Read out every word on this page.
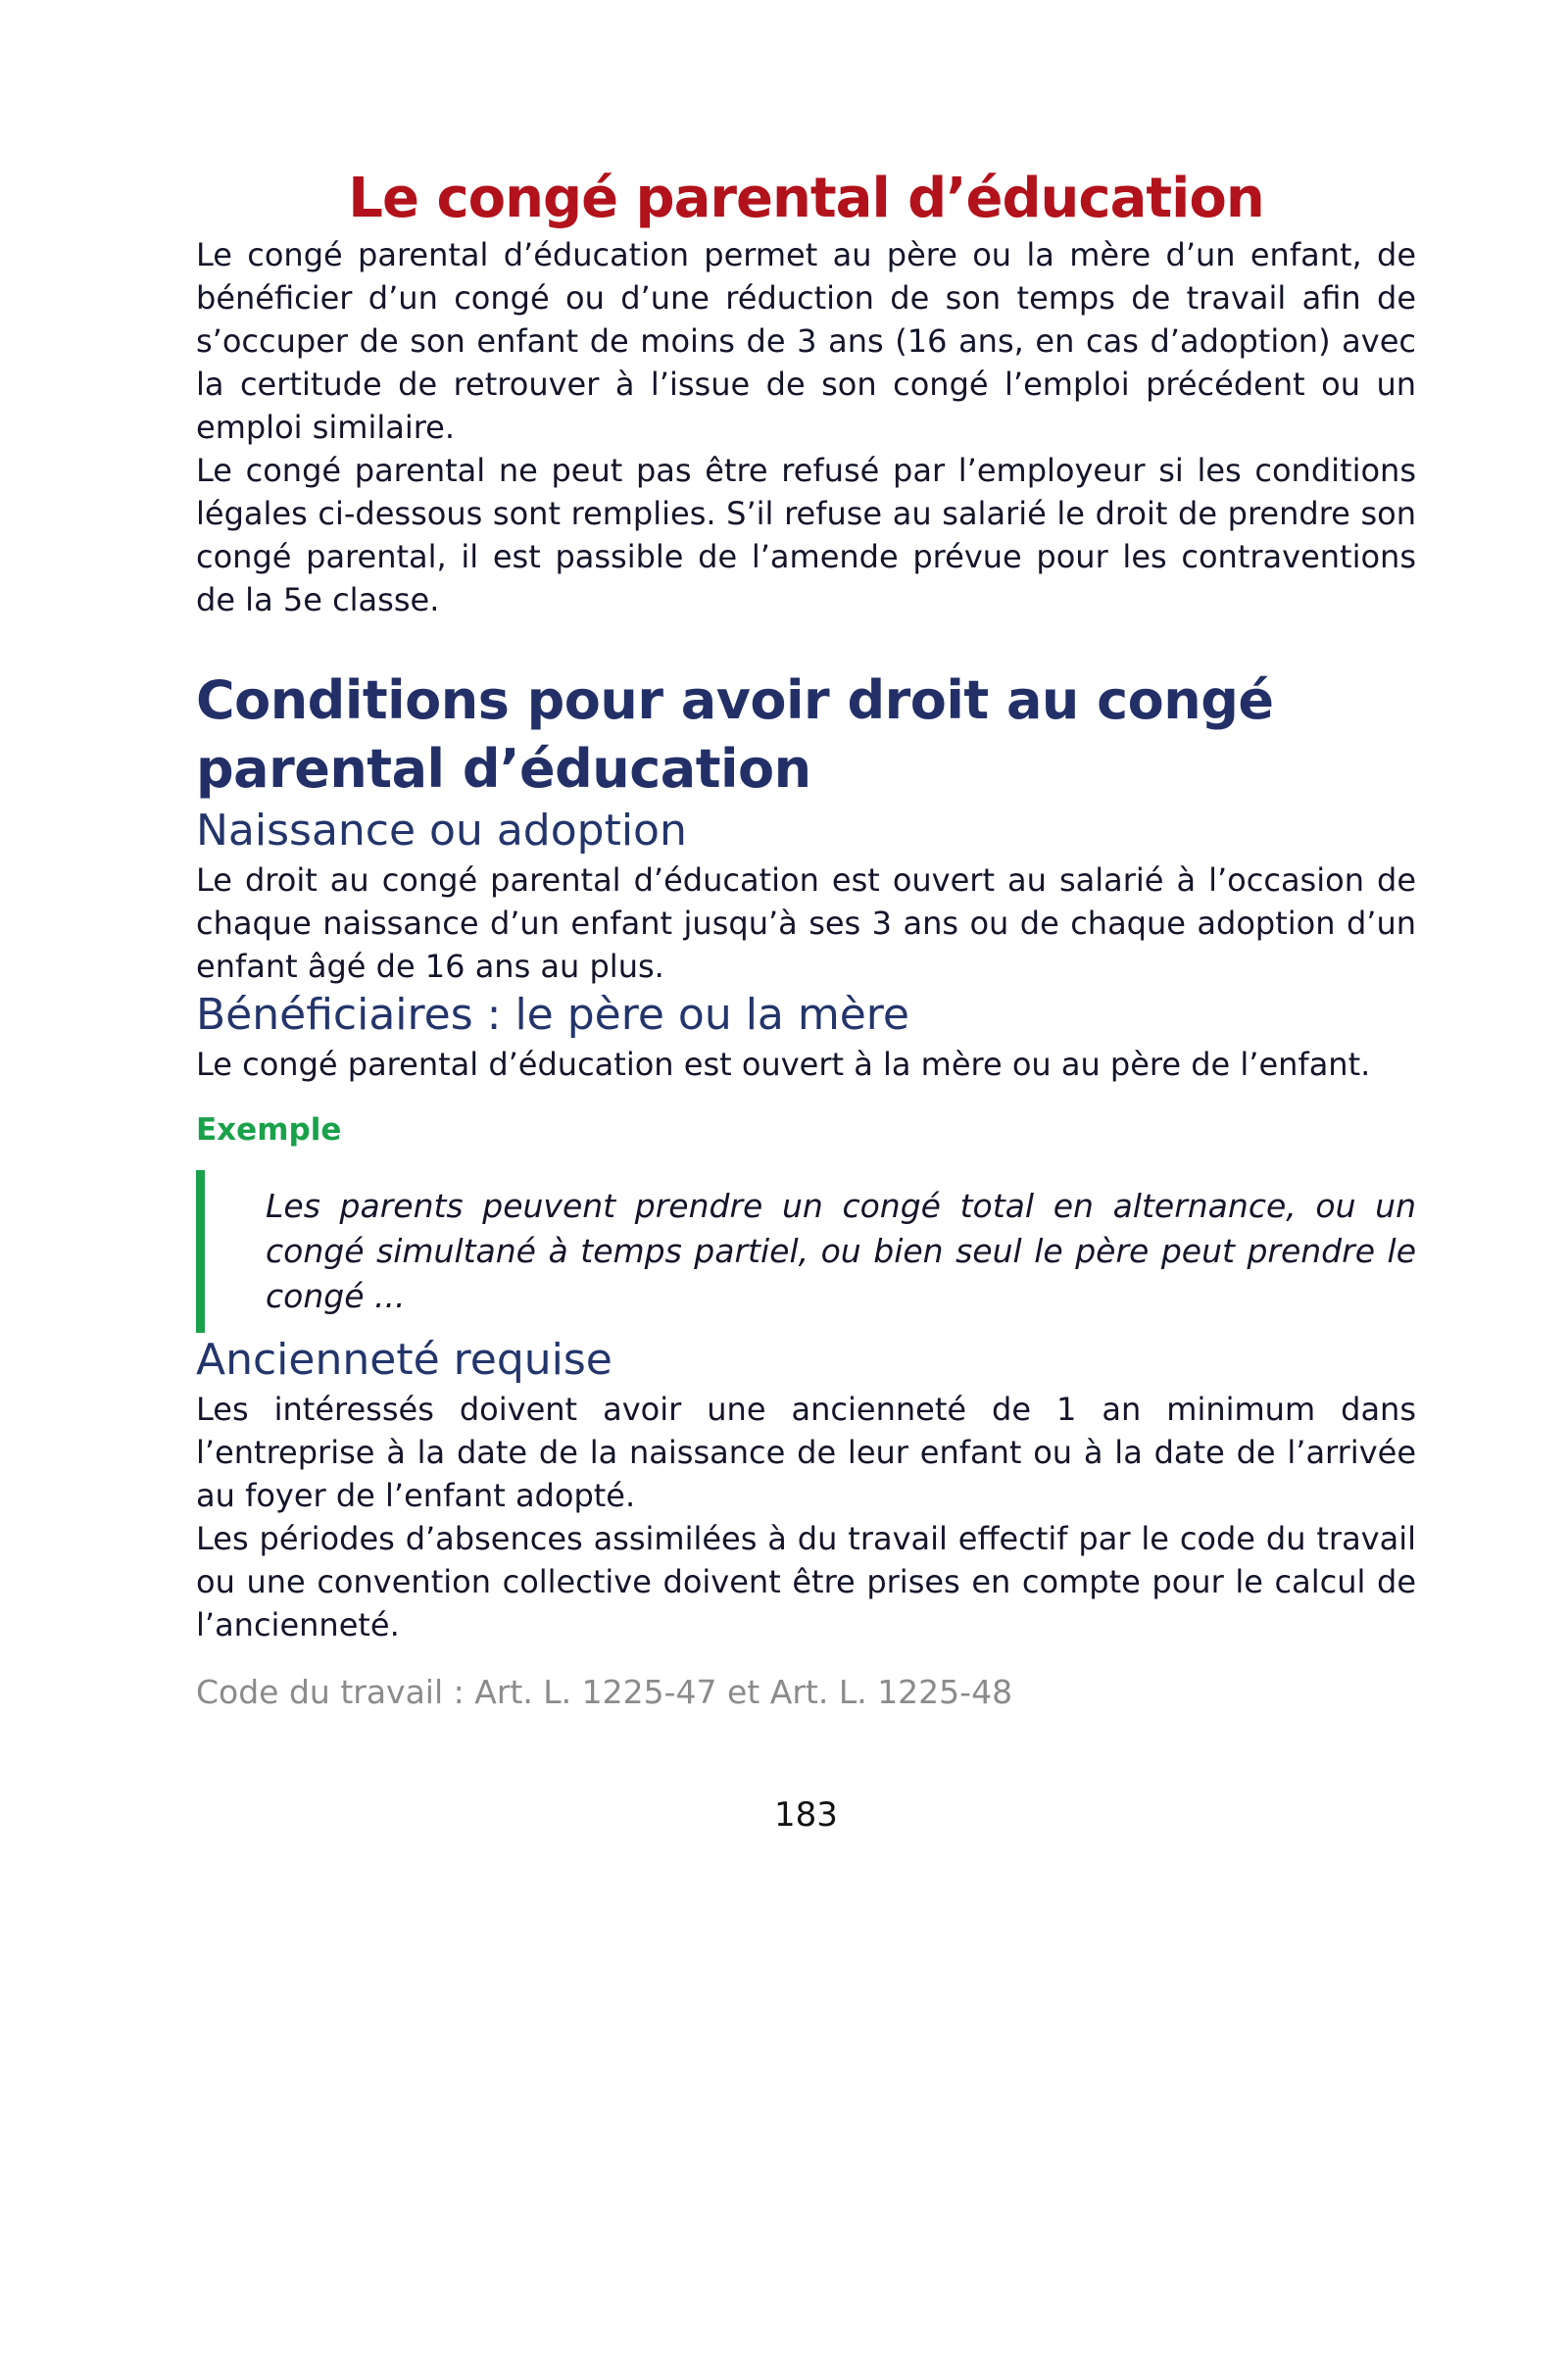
Le congé parental d’éducation

Le congé parental d’éducation permet au père ou la mère d’un enfant, de bénéficier d’un congé ou d’une réduction de son temps de travail afin de s’occuper de son enfant de moins de 3 ans (16 ans, en cas d’adoption) avec la certitude de retrouver à l’issue de son congé l’emploi précédent ou un emploi similaire.

Le congé parental ne peut pas être refusé par l’employeur si les conditions légales ci-dessous sont remplies. S’il refuse au salarié le droit de prendre son congé parental, il est passible de l’amende prévue pour les contraventions de la 5e classe.

Conditions pour avoir droit au congé parental d’éducation
Naissance ou adoption

Le droit au congé parental d’éducation est ouvert au salarié à l’occasion de chaque naissance d’un enfant jusqu’à ses 3 ans ou de chaque adoption d’un enfant âgé de 16 ans au plus.

Bénéficiaires : le père ou la mère

Le congé parental d’éducation est ouvert à la mère ou au père de l’enfant.

Exemple
Les parents peuvent prendre un congé total en alternance, ou un congé simultané à temps partiel, ou bien seul le père peut prendre le congé ...
Ancienneté requise

Les intéressés doivent avoir une ancienneté de 1 an minimum dans l’entreprise à la date de la naissance de leur enfant ou à la date de l’arrivée au foyer de l’enfant adopté.

Les périodes d’absences assimilées à du travail effectif par le code du travail ou une convention collective doivent être prises en compte pour le calcul de l’ancienneté.

Code du travail : Art. L. 1225-47 et Art. L. 1225-48
183
